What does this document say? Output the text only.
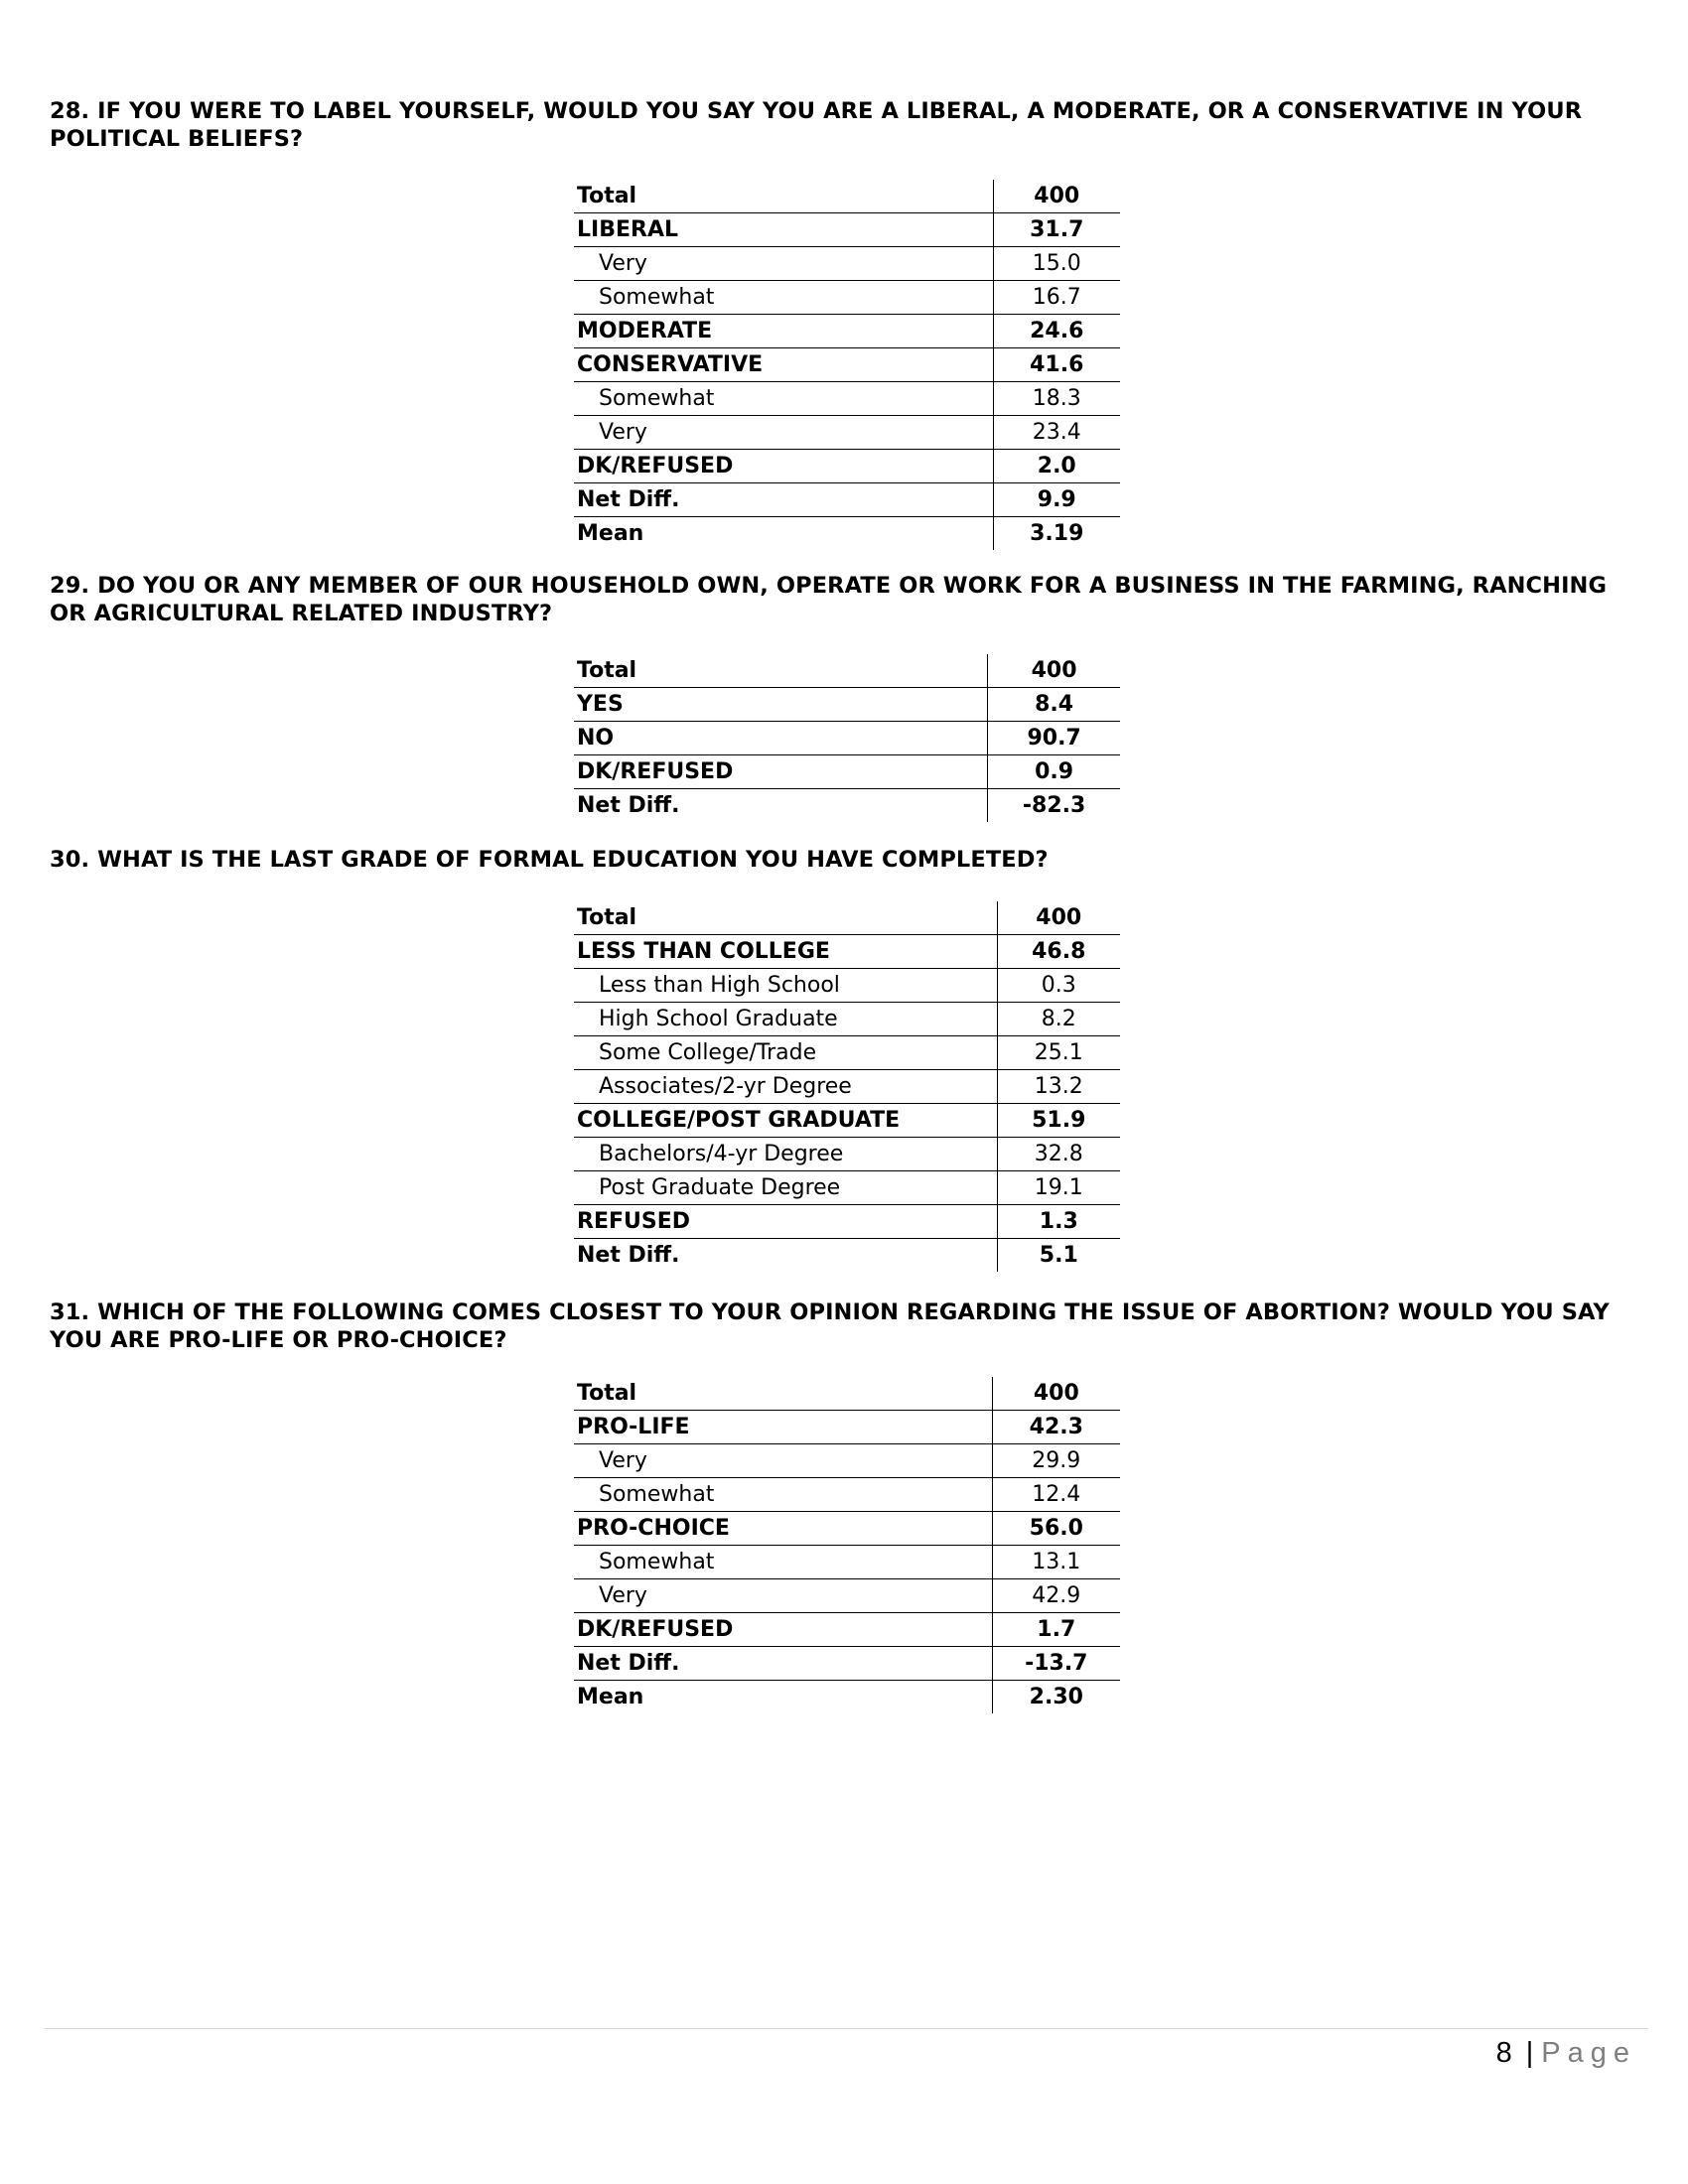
28. IF YOU WERE TO LABEL YOURSELF, WOULD YOU SAY YOU ARE A LIBERAL, A MODERATE, OR A CONSERVATIVE IN YOUR POLITICAL BELIEFS?
Total	400
LIBERAL	31.7
Very	15.0
Somewhat	16.7
MODERATE	24.6
CONSERVATIVE	41.6
Somewhat	18.3
Very	23.4
DK/REFUSED	2.0
Net Diff.	9.9
Mean	3.19
29. DO YOU OR ANY MEMBER OF OUR HOUSEHOLD OWN, OPERATE OR WORK FOR A BUSINESS IN THE FARMING, RANCHING OR AGRICULTURAL RELATED INDUSTRY?
Total	400
YES	8.4
NO	90.7
DK/REFUSED	0.9
Net Diff.	-82.3
30. WHAT IS THE LAST GRADE OF FORMAL EDUCATION YOU HAVE COMPLETED?
Total	400
LESS THAN COLLEGE	46.8
Less than High School	0.3
High School Graduate	8.2
Some College/Trade	25.1
Associates/2-yr Degree	13.2
COLLEGE/POST GRADUATE	51.9
Bachelors/4-yr Degree	32.8
Post Graduate Degree	19.1
REFUSED	1.3
Net Diff.	5.1
31. WHICH OF THE FOLLOWING COMES CLOSEST TO YOUR OPINION REGARDING THE ISSUE OF ABORTION? WOULD YOU SAY YOU ARE PRO-LIFE OR PRO-CHOICE?
Total	400
PRO-LIFE	42.3
Very	29.9
Somewhat	12.4
PRO-CHOICE	56.0
Somewhat	13.1
Very	42.9
DK/REFUSED	1.7
Net Diff.	-13.7
Mean	2.30
8 | Page
